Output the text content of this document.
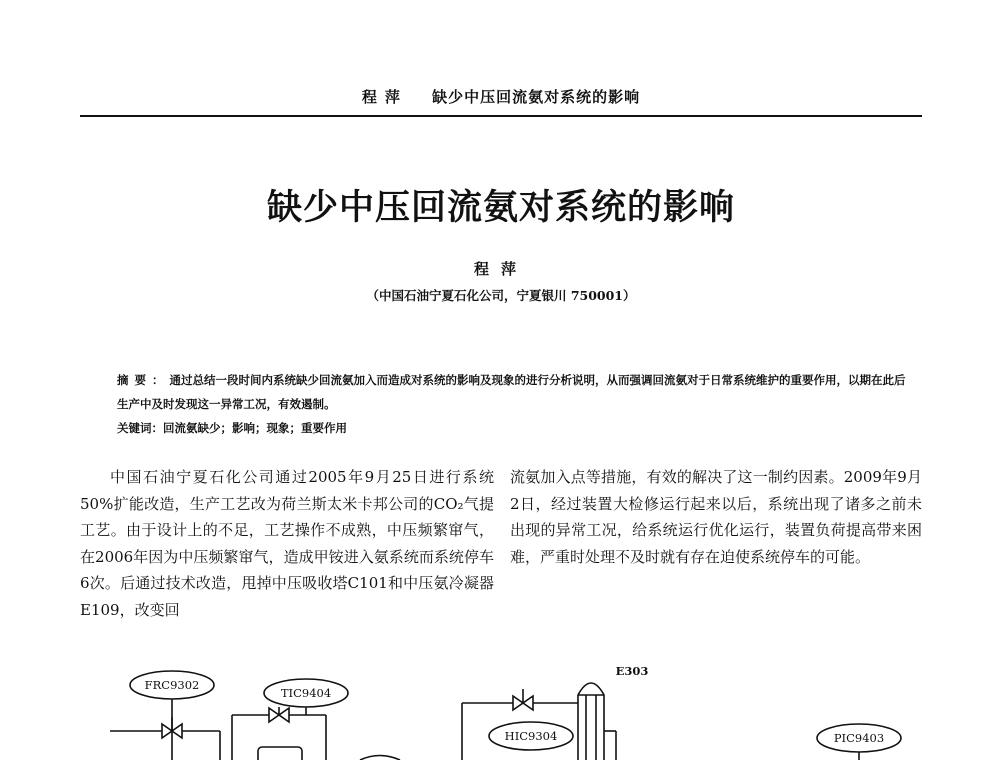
程萍 缺少中压回流氨对系统的影响
缺少中压回流氨对系统的影响
程萍
（中国石油宁夏石化公司，宁夏银川 750001）
摘要：通过总结一段时间内系统缺少回流氨加入而造成对系统的影响及现象的进行分析说明，从而强调回流氨对于日常系统维护的重要作用，以期在此后生产中及时发现这一异常工况，有效遏制。
关键词：回流氨缺少；影响；现象；重要作用

中国石油宁夏石化公司通过2005年9月25日进行系统50%扩能改造，生产工艺改为荷兰斯太米卡邦公司的CO₂气提工艺。由于设计上的不足，工艺操作不成熟，中压频繁窜气，在2006年因为中压频繁窜气，造成甲铵进入氨系统而系统停车6次。后通过技术改造，甩掉中压吸收塔C101和中压氨冷凝器E109，改变回

流氨加入点等措施，有效的解决了这一制约因素。2009年9月2日，经过装置大检修运行起来以后，系统出现了诸多之前未出现的异常工况，给系统运行优化运行，装置负荷提高带来困难，严重时处理不及时就有存在迫使系统停车的可能。

FRC9302
TIC9404
HIC9304	PIC9403
E303
